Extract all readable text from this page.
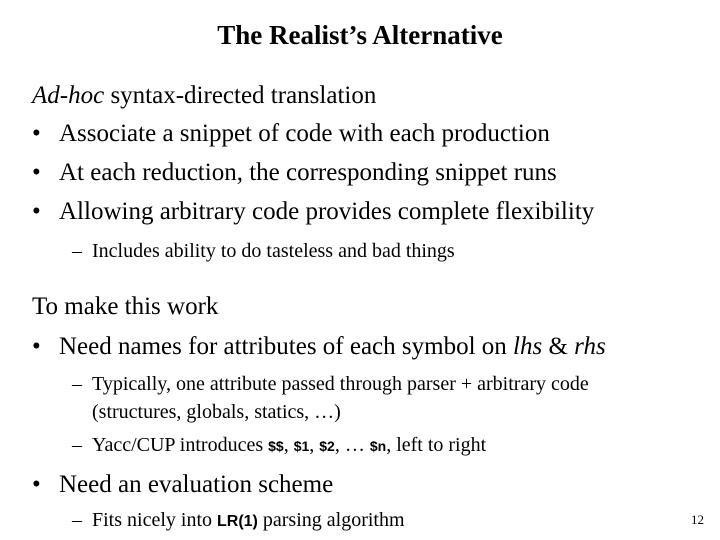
The Realist’s Alternative
Ad-hoc syntax-directed translation
• Associate a snippet of code with each production
• At each reduction, the corresponding snippet runs
• Allowing arbitrary code provides complete flexibility
– Includes ability to do tasteless and bad things
To make this work
• Need names for attributes of each symbol on lhs & rhs
– Typically, one attribute passed through parser + arbitrary code
(structures, globals, statics, …)
– Yacc/CUP introduces $$, $1, $2, … $n, left to right
• Need an evaluation scheme
– Fits nicely into LR(1) parsing algorithm	12
